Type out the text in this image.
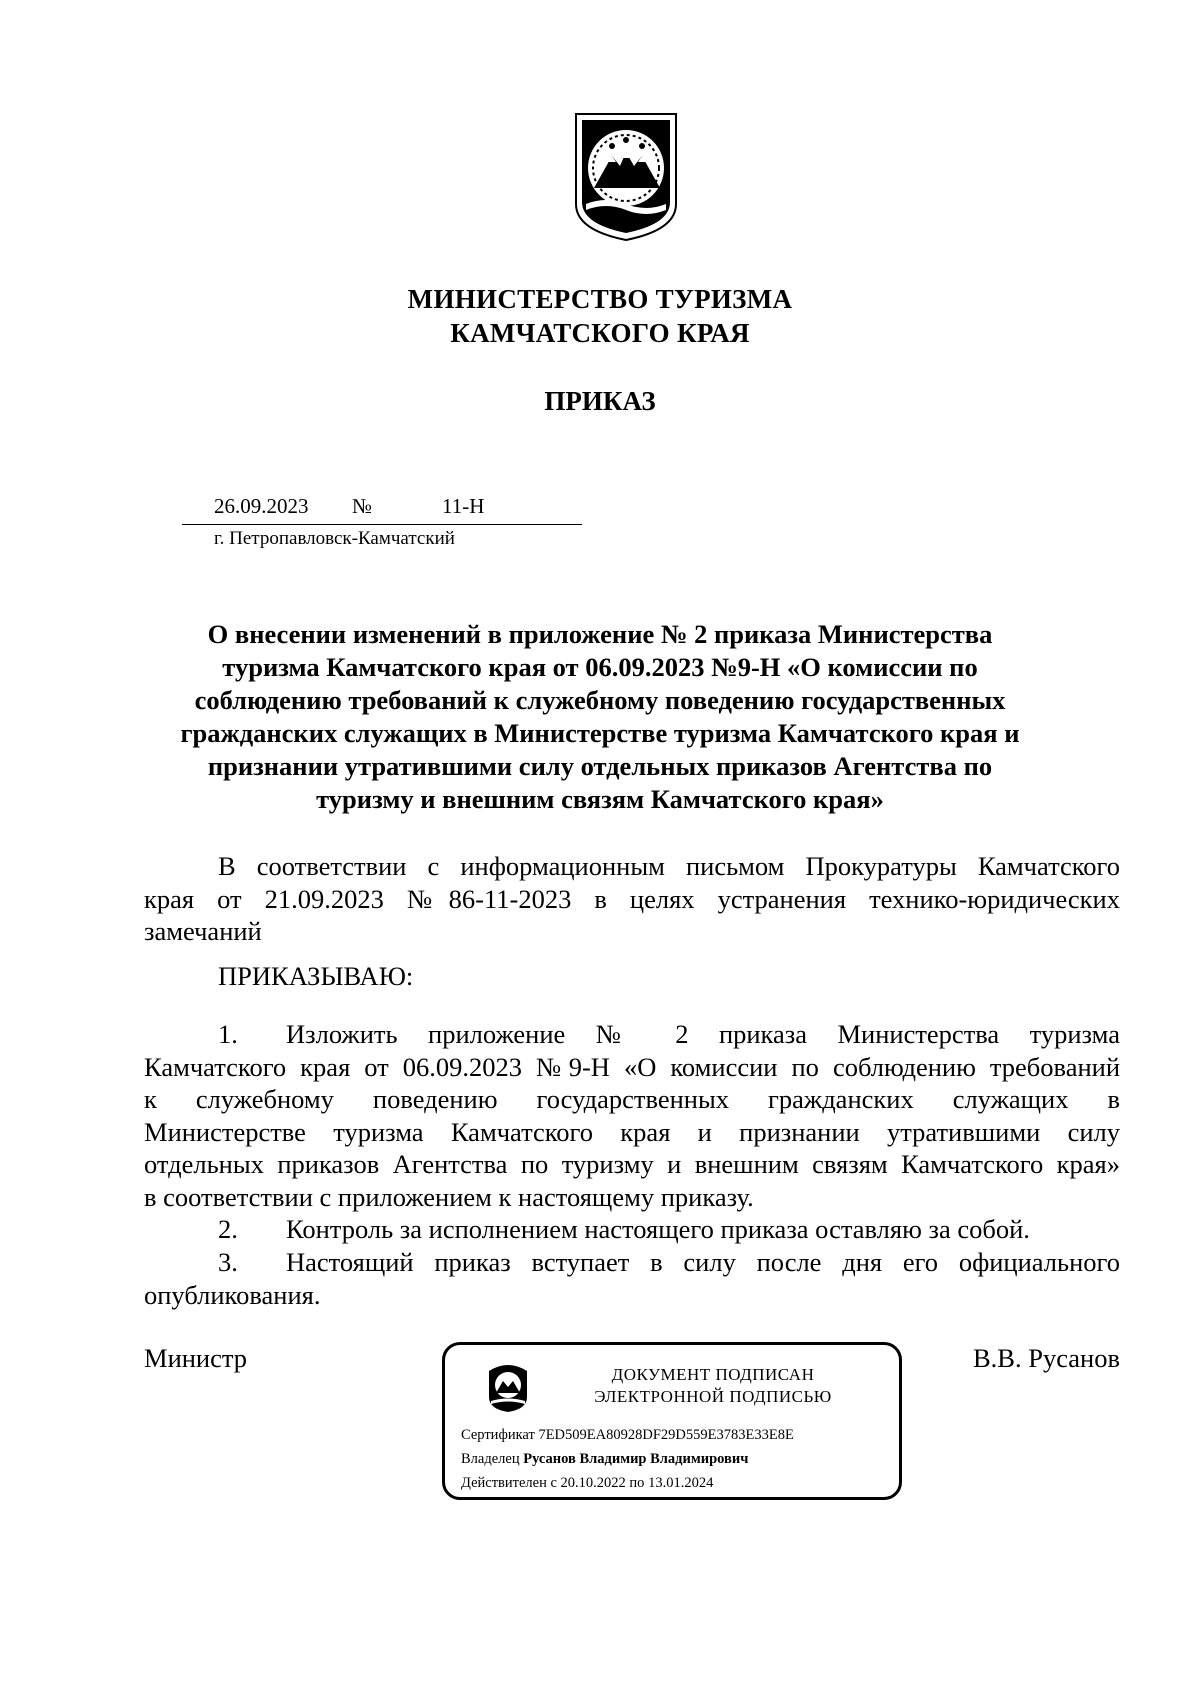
МИНИСТЕРСТВО ТУРИЗМА
КАМЧАТСКОГО КРАЯ
ПРИКАЗ
26.09.2023 №	11-Н
г. Петропавловск-Камчатский
О внесении изменений в приложение № 2 приказа Министерства
туризма Камчатского края от 06.09.2023 №9-Н «О комиссии по
соблюдению требований к служебному поведению государственных
гражданских служащих в Министерстве туризма Камчатского края и
признании утратившими силу отдельных приказов Агентства по
туризму и внешним связям Камчатского края»
В соответствии с информационным письмом Прокуратуры Камчатского
края от 21.09.2023 №86-11-2023 в целях устранения технико-юридических
замечаний
ПРИКАЗЫВАЮ:
1. Изложить приложение № 2 приказа Министерства туризма
Камчатского края от 06.09.2023 №9-Н «О комиссии по соблюдению требований
к служебному поведению государственных гражданских служащих в
Министерстве туризма Камчатского края и признании утратившими силу
отдельных приказов Агентства по туризму и внешним связям Камчатского края»
в соответствии с приложением к настоящему приказу.
2. Контроль за исполнением настоящего приказа оставляю за собой.
3. Настоящий приказ вступает в силу после дня его официального
опубликования.
Министр	В.В. Русанов
ДОКУМЕНТ ПОДПИСАН
ЭЛЕКТРОННОЙ ПОДПИСЬЮ
Сертификат 7ED509EA80928DF29D559E3783E33E8E
Владелец Русанов Владимир Владимирович
Действителен с 20.10.2022 по 13.01.2024
